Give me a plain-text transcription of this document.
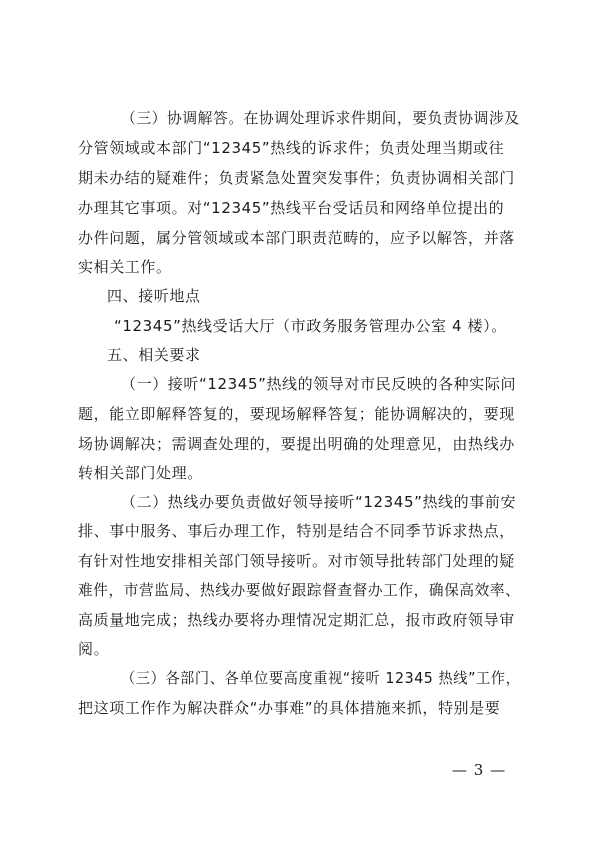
（三）协调解答。在协调处理诉求件期间，要负责协调涉及
分管领域或本部门“12345”热线的诉求件；负责处理当期或往
期未办结的疑难件；负责紧急处置突发事件；负责协调相关部门
办理其它事项。对“12345”热线平台受话员和网络单位提出的
办件问题，属分管领域或本部门职责范畴的，应予以解答，并落
实相关工作。
四、接听地点
“12345”热线受话大厅（市政务服务管理办公室 4 楼）。
五、相关要求
（一）接听“12345”热线的领导对市民反映的各种实际问
题，能立即解释答复的，要现场解释答复；能协调解决的，要现
场协调解决；需调查处理的，要提出明确的处理意见，由热线办
转相关部门处理。
（二）热线办要负责做好领导接听“12345”热线的事前安
排、事中服务、事后办理工作，特别是结合不同季节诉求热点，
有针对性地安排相关部门领导接听。对市领导批转部门处理的疑
难件，市营监局、热线办要做好跟踪督查督办工作，确保高效率、
高质量地完成；热线办要将办理情况定期汇总，报市政府领导审
阅。
（三）各部门、各单位要高度重视“接听 12345 热线”工作，
把这项工作作为解决群众“办事难”的具体措施来抓，特别是要
— 3 —
